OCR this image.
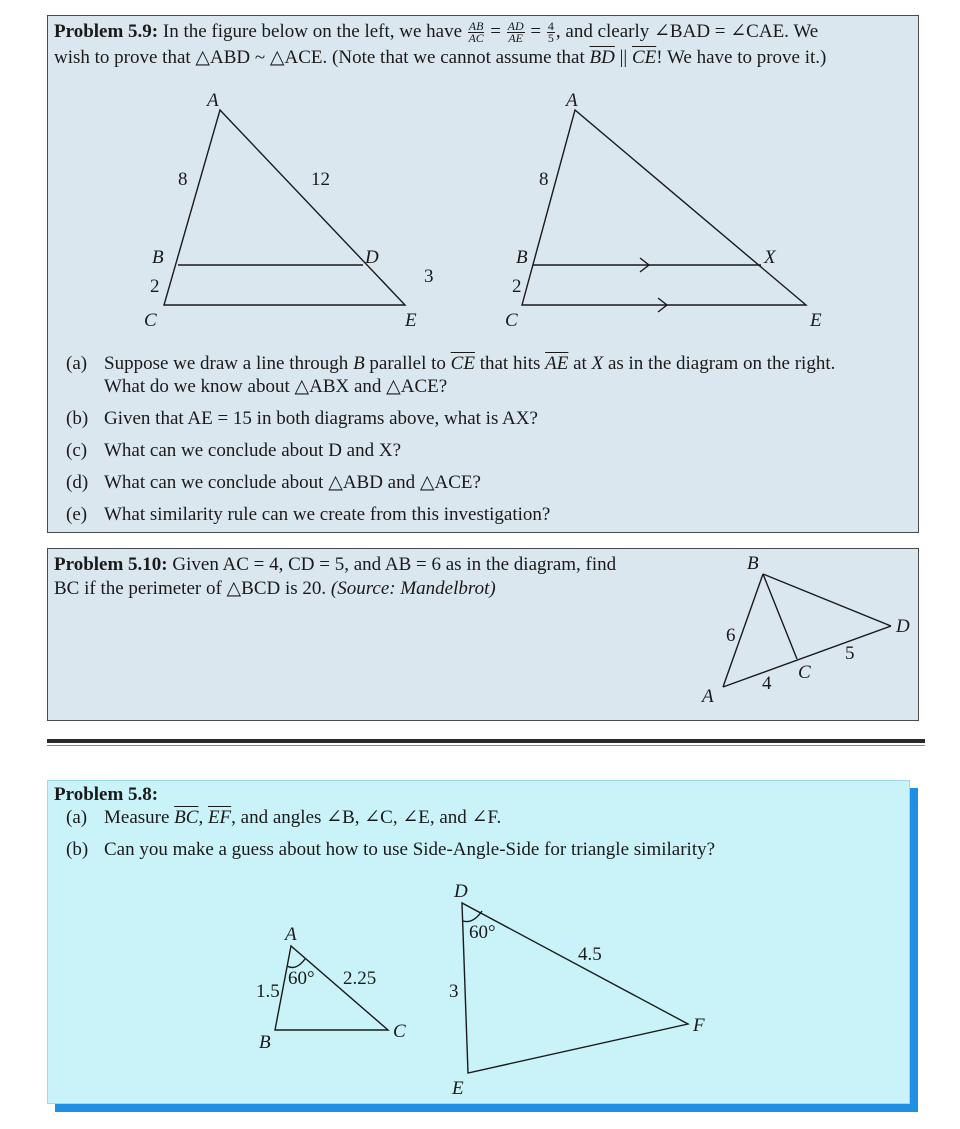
Problem 5.9: In the figure below on the left, we have $\frac{AB}{AC} = \frac{AD}{AE} = \frac{4}{5}$ , and clearly ∠BAD = ∠CAE. We
wish to prove that △ABD ~ △ACE. (Note that we cannot assume that $\overline{BD}$ || $\overline{CE}$! We have to prove it.)
A
B
C
D
E
8	12
2	3
A
B
C
X
E
8
2
(a) Suppose we draw a line through B parallel to $\overline{CE}$ that hits $\overline{AE}$ at X as in the diagram on the right.
What do we know about △ABX and △ACE?
(b) Given that AE = 15 in both diagrams above, what is AX?
(c) What can we conclude about D and X?
(d) What can we conclude about △ABD and △ACE?
(e) What similarity rule can we create from this investigation?
Problem 5.10: Given AC = 4, CD = 5, and AB = 6 as in the diagram, find
BC if the perimeter of △BCD is 20. (Source: Mandelbrot)
B
D
C
A
6
4
5
Problem 5.8:
(a) Measure $\overline{BC}$, $\overline{EF}$, and angles ∠B, ∠C, ∠E, and ∠F.
(b) Can you make a guess about how to use Side-Angle-Side for triangle similarity?
A
B
C
60°
1.5
2.25
D
E
F
60°
3
4.5
